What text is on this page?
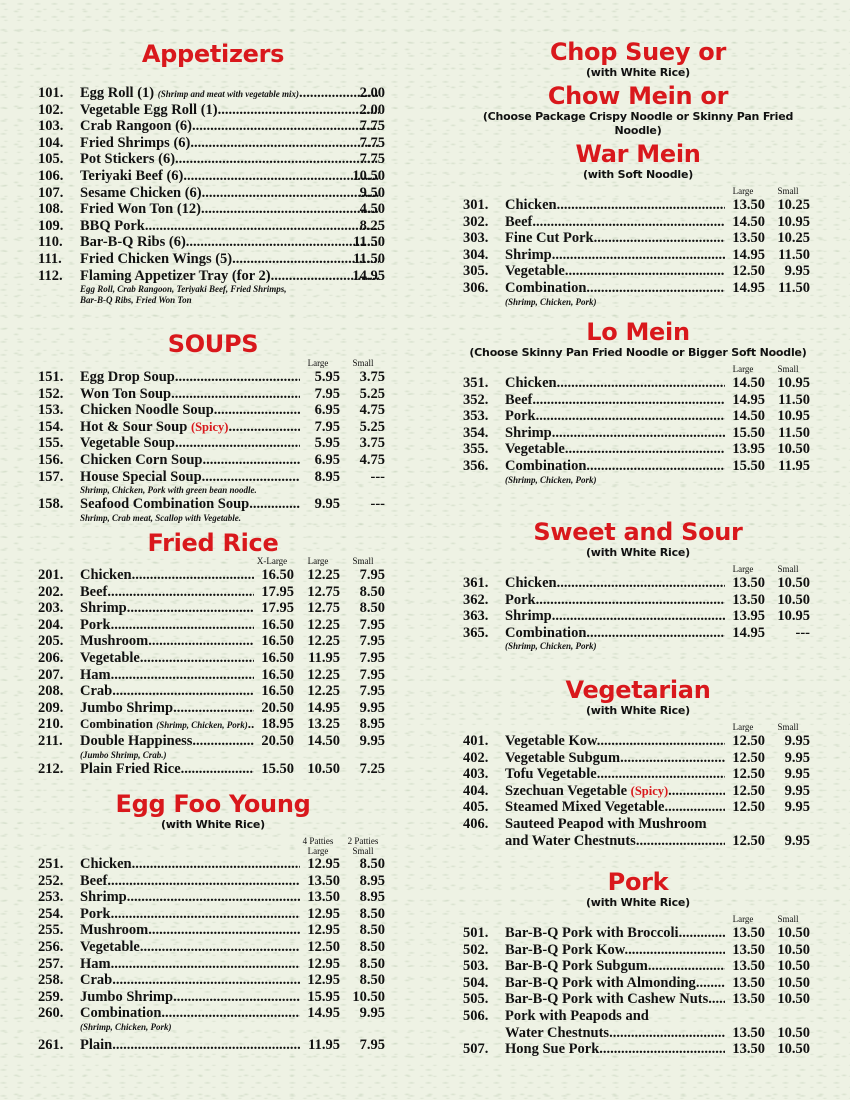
Appetizers
101.	Egg Roll (1) (Shrimp and meat with vegetable mix) .....	2.00
102.	Vegetable Egg Roll (1) .....	2.00
103.	Crab Rangoon (6) .....	7.75
104.	Fried Shrimps (6) .....	7.75
105.	Pot Stickers (6) .....	7.75
106.	Teriyaki Beef (6) .....	10.50
107.	Sesame Chicken (6) .....	9.50
108.	Fried Won Ton (12) .....	4.50
109.	BBQ Pork .....	8.25
110.	Bar-B-Q Ribs (6) .....	11.50
111.	Fried Chicken Wings (5) .....	11.50
112.	Flaming Appetizer Tray (for 2) .....	14.95
Egg Roll, Crab Rangoon, Teriyaki Beef, Fried Shrimps,
Bar-B-Q Ribs, Fried Won Ton
SOUPS
Large	Small
151.	Egg Drop Soup .....	5.95 3.75
152.	Won Ton Soup .....	7.95 5.25
153.	Chicken Noodle Soup .....	6.95 4.75
154.	Hot & Sour Soup (Spicy) .....	7.95 5.25
155.	Vegetable Soup .....	5.95 3.75
156.	Chicken Corn Soup .....	6.95 4.75
157.	House Special Soup .....	8.95 ---
Shrimp, Chicken, Pork with green bean noodle.
158.	Seafood Combination Soup .....	9.95 ---
Shrimp, Crab meat, Scallop with Vegetable.
Fried Rice
X-Large	Large	Small
201.	Chicken .....	16.50 12.25 7.95
202.	Beef .....	17.95 12.75 8.50
203.	Shrimp .....	17.95 12.75 8.50
204.	Pork .....	16.50 12.25 7.95
205.	Mushroom .....	16.50 12.25 7.95
206.	Vegetable .....	16.50 11.95 7.95
207.	Ham .....	16.50 12.25 7.95
208.	Crab .....	16.50 12.25 7.95
209.	Jumbo Shrimp .....	20.50 14.95 9.95
210.	Combination (Shrimp, Chicken, Pork) ..... 18.95 13.25 8.95
211.	Double Happiness .....	20.50 14.50 9.95
(Jumbo Shrimp, Crab.)
212.	Plain Fried Rice .....	15.50 10.50 7.25
Egg Foo Young
(with White Rice)
4 Patties
Large
2 Patties
Small
251.	Chicken .....	12.95 8.50
252.	Beef .....	13.50 8.95
253.	Shrimp .....	13.50 8.95
254.	Pork .....	12.95 8.50
255.	Mushroom .....	12.95 8.50
256.	Vegetable .....	12.50 8.50
257.	Ham .....	12.95 8.50
258.	Crab .....	12.95 8.50
259.	Jumbo Shrimp .....	15.95 10.50
260.	Combination .....	14.95 9.95
(Shrimp, Chicken, Pork)
261.	Plain .....	11.95 7.95
Chop Suey or
(with White Rice)
Chow Mein or
(Choose Package Crispy Noodle or Skinny Pan Fried Noodle)
War Mein
(with Soft Noodle)
Large	Small
301.	Chicken .....	13.50 10.25
302.	Beef .....	14.50 10.95
303.	Fine Cut Pork .....	13.50 10.25
304.	Shrimp .....	14.95 11.50
305.	Vegetable .....	12.50 9.95
306.	Combination .....	14.95 11.50
(Shrimp, Chicken, Pork)
Lo Mein
(Choose Skinny Pan Fried Noodle or Bigger Soft Noodle)
Large	Small
351.	Chicken .....	14.50 10.95
352.	Beef .....	14.95 11.50
353.	Pork .....	14.50 10.95
354.	Shrimp .....	15.50 11.50
355.	Vegetable .....	13.95 10.50
356.	Combination .....	15.50 11.95
(Shrimp, Chicken, Pork)
Sweet and Sour
(with White Rice)
Large	Small
361.	Chicken .....	13.50 10.50
362.	Pork .....	13.50 10.50
363.	Shrimp .....	13.95 10.95
365.	Combination .....	14.95 ---
(Shrimp, Chicken, Pork)
Vegetarian
(with White Rice)
Large	Small
401.	Vegetable Kow .....	12.50 9.95
402.	Vegetable Subgum .....	12.50 9.95
403.	Tofu Vegetable .....	12.50 9.95
404.	Szechuan Vegetable (Spicy) .....	12.50 9.95
405.	Steamed Mixed Vegetable .....	12.50 9.95
406.	Sauteed Peapod with Mushroom
and Water Chestnuts .....	12.50 9.95
Pork
(with White Rice)
Large	Small
501.	Bar-B-Q Pork with Broccoli .....	13.50 10.50
502.	Bar-B-Q Pork Kow .....	13.50 10.50
503.	Bar-B-Q Pork Subgum .....	13.50 10.50
504.	Bar-B-Q Pork with Almonding .....	13.50 10.50
505.	Bar-B-Q Pork with Cashew Nuts .....	13.50 10.50
506.	Pork with Peapods and
Water Chestnuts .....	13.50 10.50
507.	Hong Sue Pork .....	13.50 10.50
